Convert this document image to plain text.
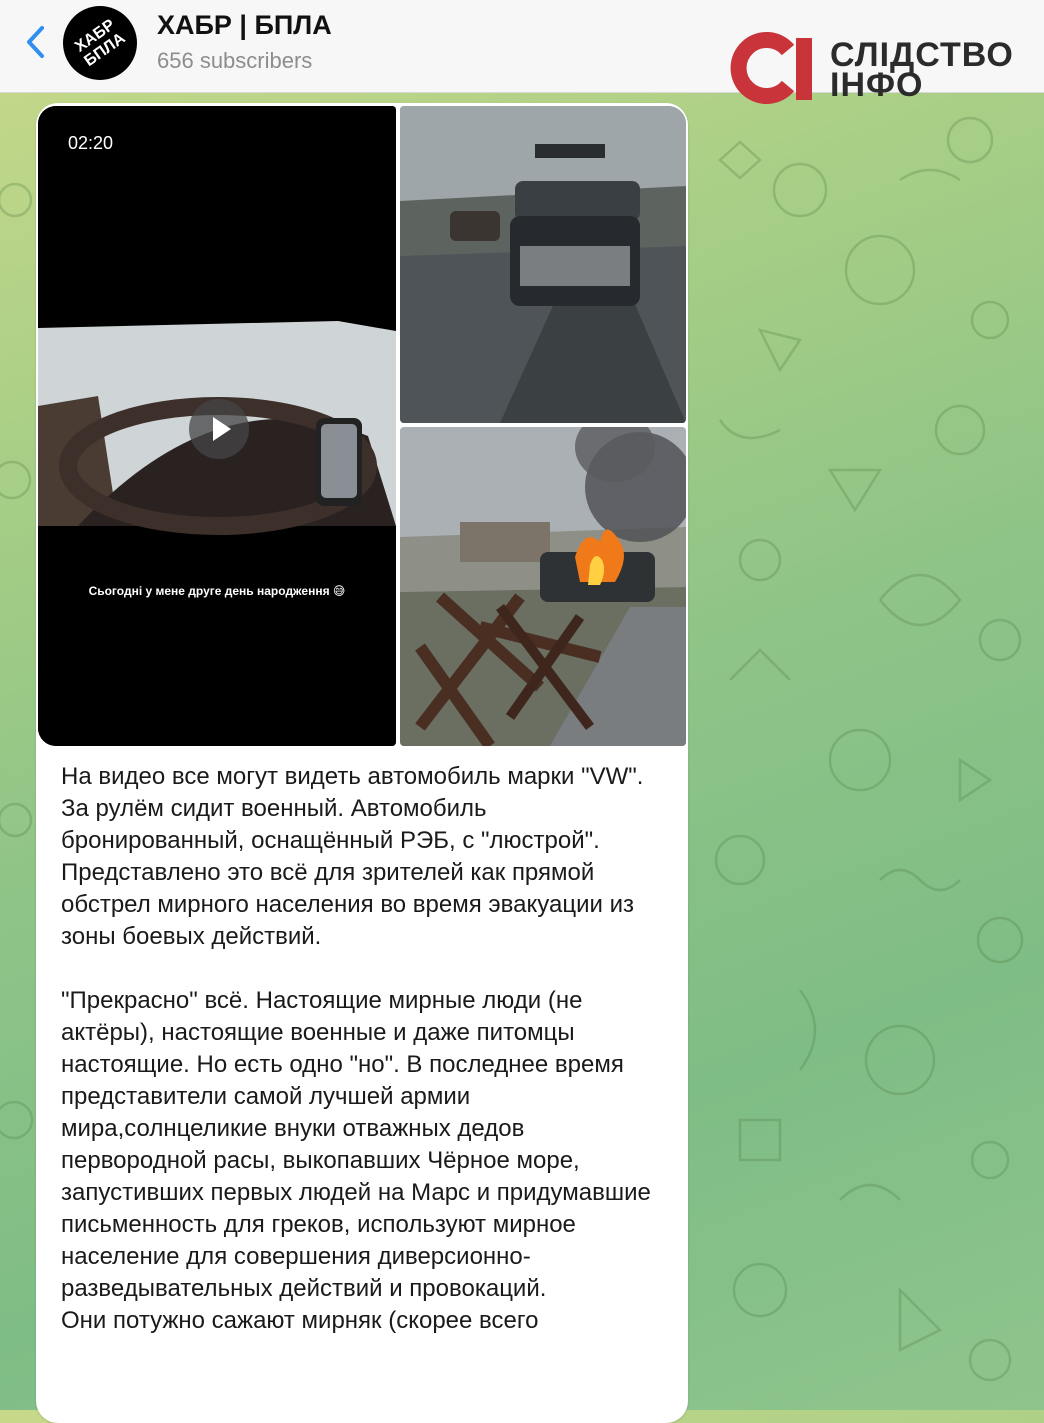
ХАБР
БПЛА
ХАБР | БПЛА
656 subscribers	СЛІДСТВО
ІНФО
02:20
Сьогодні у мене друге день народження 😅
На видео все могут видеть автомобиль марки "VW". За рулём сидит военный. Автомобиль бронированный, оснащённый РЭБ, с "люстрой".
Представлено это всё для зрителей как прямой обстрел мирного населения во время эвакуации из зоны боевых действий.

"Прекрасно" всё. Настоящие мирные люди (не актёры), настоящие военные и даже питомцы настоящие. Но есть одно "но". В последнее время представители самой лучшей армии мира,солнцеликие внуки отважных дедов первородной расы, выкопавших Чёрное море, запустивших первых людей на Марс и придумавшие письменность для греков, используют мирное население для совершения диверсионно-разведывательных действий и провокаций.
Они потужно сажают мирняк (скорее всего
